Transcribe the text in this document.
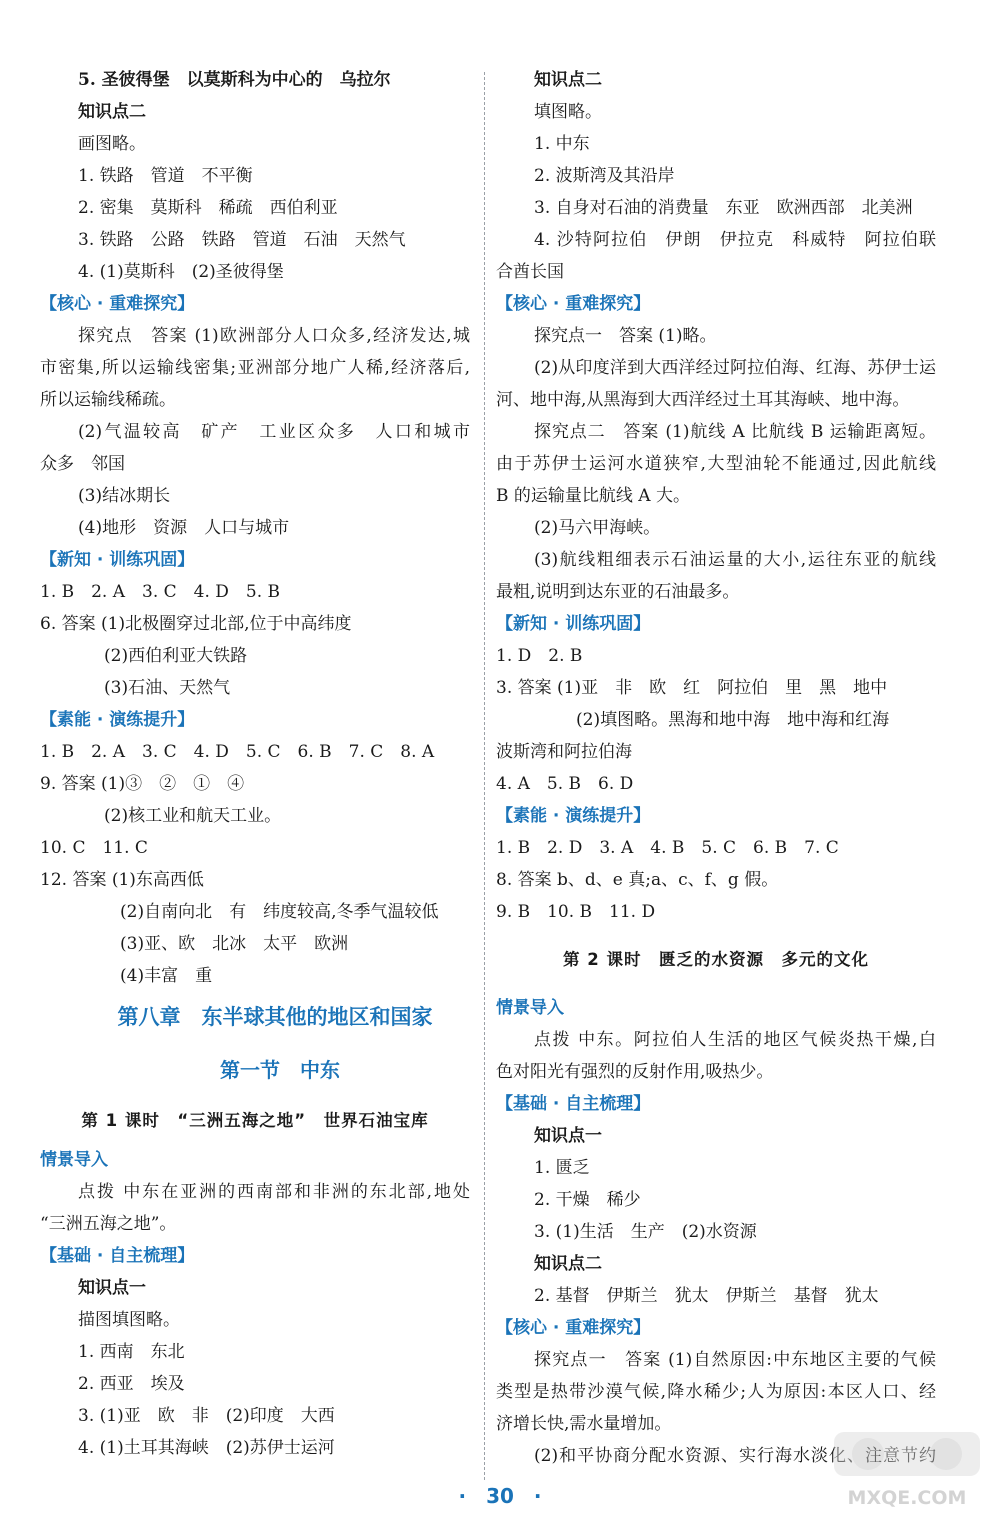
5. 圣彼得堡　以莫斯科为中心的　乌拉尔
知识点二
画图略。
1. 铁路　管道　不平衡
2. 密集　莫斯科　稀疏　西伯利亚
3. 铁路　公路　铁路　管道　石油　天然气
4. (1)莫斯科　(2)圣彼得堡
【核心 · 重难探究】
探究点　答案 (1)欧洲部分人口众多,经济发达,城
市密集,所以运输线密集;亚洲部分地广人稀,经济落后,
所以运输线稀疏。
(2)气温较高　矿产　工业区众多　人口和城市
众多　邻国
(3)结冰期长
(4)地形　资源　人口与城市
【新知 · 训练巩固】
1. B　2. A　3. C　4. D　5. B
6. 答案 (1)北极圈穿过北部,位于中高纬度
(2)西伯利亚大铁路
(3)石油、天然气
【素能 · 演练提升】
1. B　2. A　3. C　4. D　5. C　6. B　7. C　8. A
9. 答案 (1)③　②　①　④
(2)核工业和航天工业。
10. C　11. C
12. 答案 (1)东高西低
(2)自南向北　有　纬度较高,冬季气温较低
(3)亚、欧　北冰　太平　欧洲
(4)丰富　重
第八章　东半球其他的地区和国家
第一节　中东
第 1 课时　“三洲五海之地”　世界石油宝库
情景导入
点拨 中东在亚洲的西南部和非洲的东北部,地处
“三洲五海之地”。
【基础 · 自主梳理】
知识点一
描图填图略。
1. 西南　东北
2. 西亚　埃及
3. (1)亚　欧　非　(2)印度　大西
4. (1)土耳其海峡　(2)苏伊士运河
知识点二
填图略。
1. 中东
2. 波斯湾及其沿岸
3. 自身对石油的消费量　东亚　欧洲西部　北美洲
4. 沙特阿拉伯　伊朗　伊拉克　科威特　阿拉伯联
合酋长国
【核心 · 重难探究】
探究点一　答案 (1)略。
(2)从印度洋到大西洋经过阿拉伯海、红海、苏伊士运
河、地中海,从黑海到大西洋经过土耳其海峡、地中海。
探究点二　答案 (1)航线 A 比航线 B 运输距离短。
由于苏伊士运河水道狭窄,大型油轮不能通过,因此航线
B 的运输量比航线 A 大。
(2)马六甲海峡。
(3)航线粗细表示石油运量的大小,运往东亚的航线
最粗,说明到达东亚的石油最多。
【新知 · 训练巩固】
1. D　2. B
3. 答案 (1)亚　非　欧　红　阿拉伯　里　黑　地中
(2)填图略。黑海和地中海　地中海和红海
波斯湾和阿拉伯海
4. A　5. B　6. D
【素能 · 演练提升】
1. B　2. D　3. A　4. B　5. C　6. B　7. C
8. 答案 b、d、e 真;a、c、f、g 假。
9. B　10. B　11. D
第 2 课时　匮乏的水资源　多元的文化
情景导入
点拨 中东。阿拉伯人生活的地区气候炎热干燥,白
色对阳光有强烈的反射作用,吸热少。
【基础 · 自主梳理】
知识点一
1. 匮乏
2. 干燥　稀少
3. (1)生活　生产　(2)水资源
知识点二
2. 基督　伊斯兰　犹太　伊斯兰　基督　犹太
【核心 · 重难探究】
探究点一　答案 (1)自然原因:中东地区主要的气候
类型是热带沙漠气候,降水稀少;人为原因:本区人口、经
济增长快,需水量增加。
(2)和平协商分配水资源、实行海水淡化、注意节约
·　30　·	MXQE.COM
